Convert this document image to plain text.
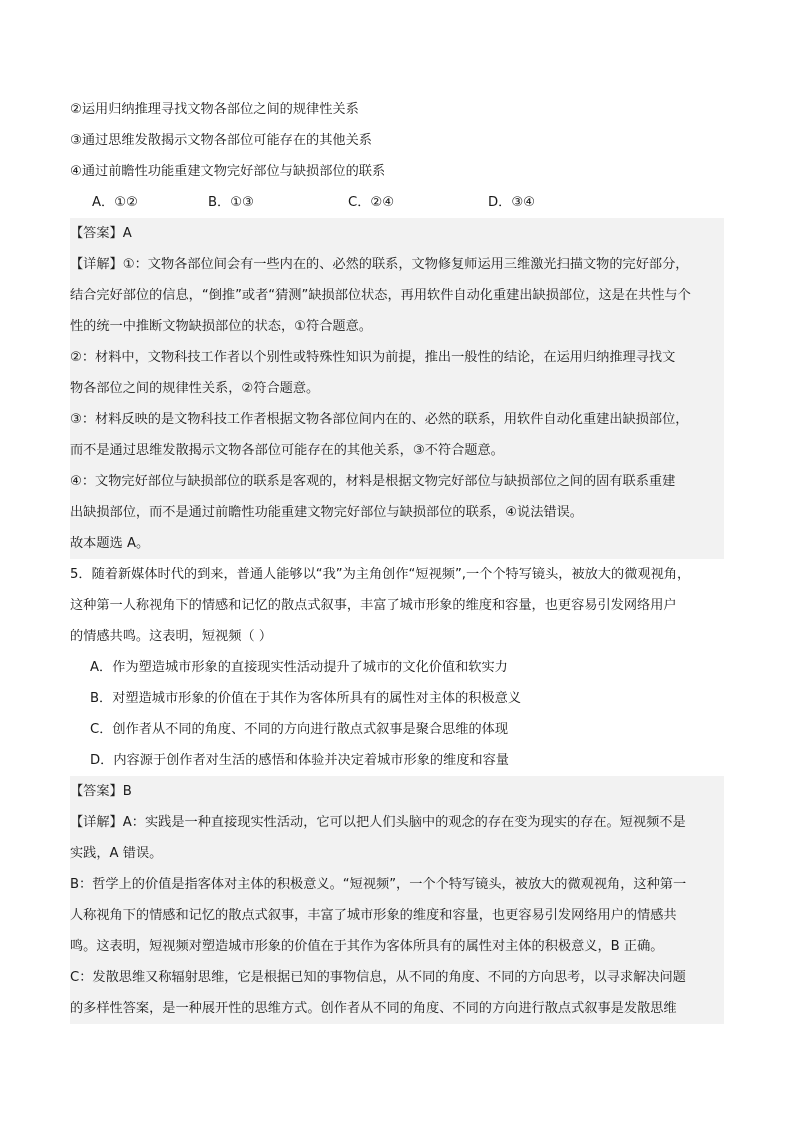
②运用归纳推理寻找文物各部位之间的规律性关系
③通过思维发散揭示文物各部位可能存在的其他关系
④通过前瞻性功能重建文物完好部位与缺损部位的联系
A．①②	B．①③	C．②④	D．③④
【答案】A
【详解】①：文物各部位间会有一些内在的、必然的联系，文物修复师运用三维激光扫描文物的完好部分，
结合完好部位的信息，“倒推”或者“猜测”缺损部位状态，再用软件自动化重建出缺损部位，这是在共性与个
性的统一中推断文物缺损部位的状态，①符合题意。
②：材料中，文物科技工作者以个别性或特殊性知识为前提，推出一般性的结论，在运用归纳推理寻找文
物各部位之间的规律性关系，②符合题意。
③：材料反映的是文物科技工作者根据文物各部位间内在的、必然的联系，用软件自动化重建出缺损部位，
而不是通过思维发散揭示文物各部位可能存在的其他关系，③不符合题意。
④：文物完好部位与缺损部位的联系是客观的，材料是根据文物完好部位与缺损部位之间的固有联系重建
出缺损部位，而不是通过前瞻性功能重建文物完好部位与缺损部位的联系，④说法错误。
故本题选 A。
5．随着新媒体时代的到来，普通人能够以“我”为主角创作“短视频”,一个个特写镜头，被放大的微观视角，
这种第一人称视角下的情感和记忆的散点式叙事，丰富了城市形象的维度和容量，也更容易引发网络用户
的情感共鸣。这表明，短视频（ ）
A．作为塑造城市形象的直接现实性活动提升了城市的文化价值和软实力
B．对塑造城市形象的价值在于其作为客体所具有的属性对主体的积极意义
C．创作者从不同的角度、不同的方向进行散点式叙事是聚合思维的体现
D．内容源于创作者对生活的感悟和体验并决定着城市形象的维度和容量
【答案】B
【详解】A：实践是一种直接现实性活动，它可以把人们头脑中的观念的存在变为现实的存在。短视频不是
实践，A 错误。
B：哲学上的价值是指客体对主体的积极意义。“短视频”，一个个特写镜头，被放大的微观视角，这种第一
人称视角下的情感和记忆的散点式叙事，丰富了城市形象的维度和容量，也更容易引发网络用户的情感共
鸣。这表明，短视频对塑造城市形象的价值在于其作为客体所具有的属性对主体的积极意义，B 正确。
C：发散思维又称辐射思维，它是根据已知的事物信息，从不同的角度、不同的方向思考，以寻求解决问题
的多样性答案，是一种展开性的思维方式。创作者从不同的角度、不同的方向进行散点式叙事是发散思维
